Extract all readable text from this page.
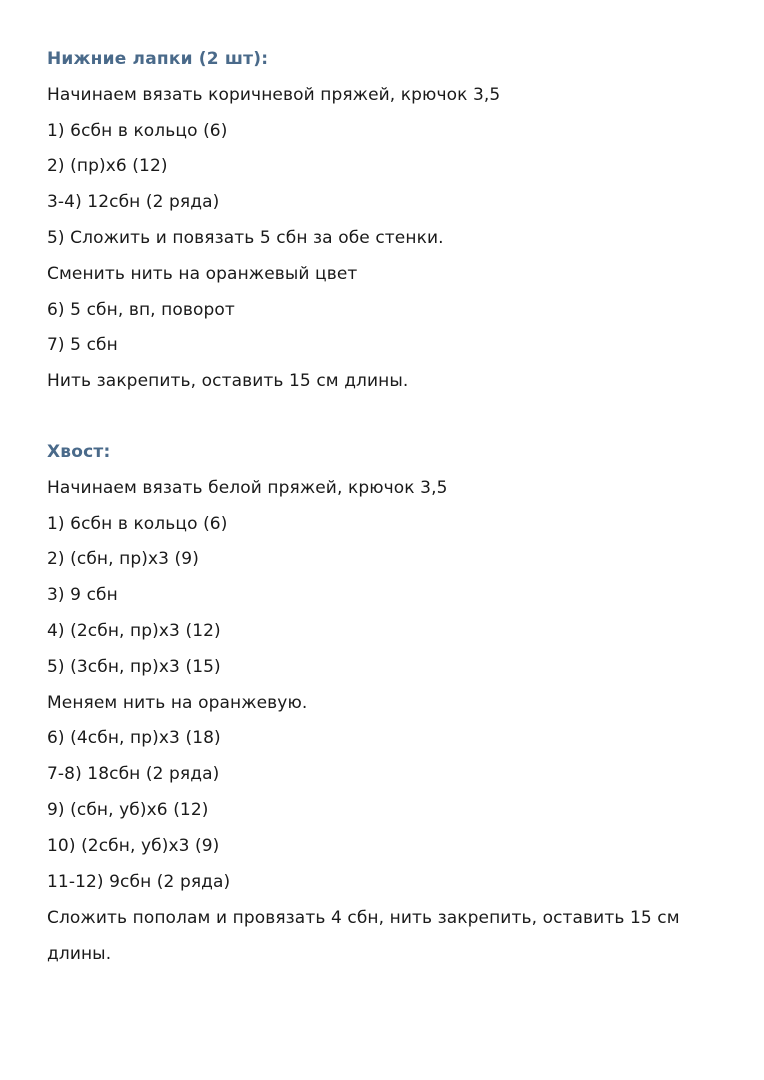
Нижние лапки (2 шт):

Начинаем вязать коричневой пряжей, крючок 3,5

1) 6сбн в кольцо (6)

2) (пр)х6 (12)

3-4) 12сбн (2 ряда)

5) Сложить и повязать 5 сбн за обе стенки.

Сменить нить на оранжевый цвет

6) 5 сбн, вп, поворот

7) 5 сбн

Нить закрепить, оставить 15 см длины.

Хвост:

Начинаем вязать белой пряжей, крючок 3,5

1) 6сбн в кольцо (6)

2) (сбн, пр)х3 (9)

3) 9 сбн

4) (2сбн, пр)х3 (12)

5) (3сбн, пр)х3 (15)

Меняем нить на оранжевую.

6) (4сбн, пр)х3 (18)

7-8) 18сбн (2 ряда)

9) (сбн, уб)х6 (12)

10) (2сбн, уб)х3 (9)

11-12) 9сбн (2 ряда)

Сложить пополам и провязать 4 сбн, нить закрепить, оставить 15 см длины.
